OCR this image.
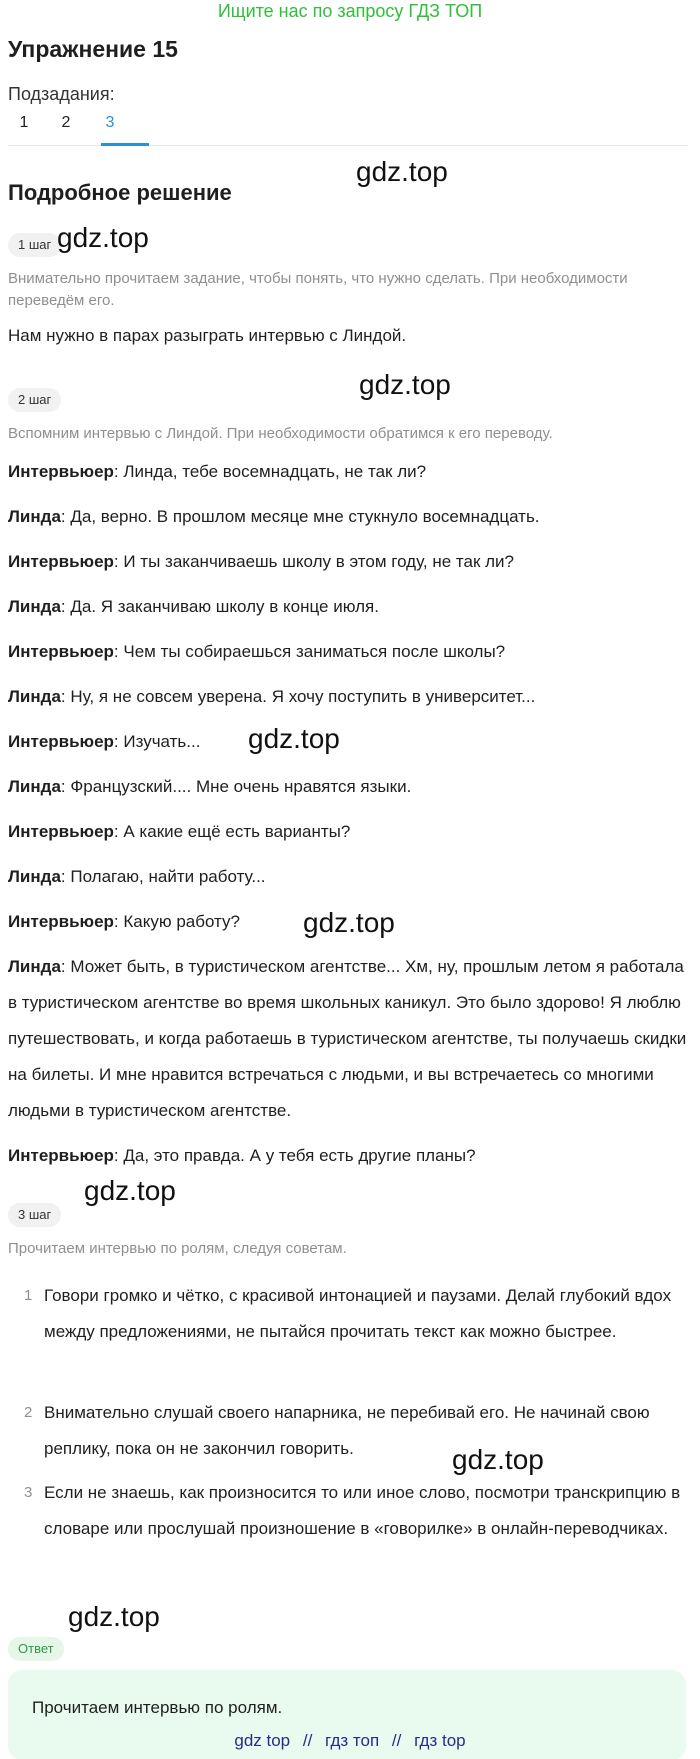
Ищите нас по запросу ГДЗ ТОП
Упражнение 15
Подзадания:
1	2	3
Подробное решение
1 шаг
Внимательно прочитаем задание, чтобы понять, что нужно сделать. При необходимости переведём его.
Нам нужно в парах разыграть интервью с Линдой.
2 шаг
Вспомним интервью с Линдой. При необходимости обратимся к его переводу.
Интервьюер: Линда, тебе восемнадцать, не так ли?
Линда: Да, верно. В прошлом месяце мне стукнуло восемнадцать.
Интервьюер: И ты заканчиваешь школу в этом году, не так ли?
Линда: Да. Я заканчиваю школу в конце июля.
Интервьюер: Чем ты собираешься заниматься после школы?
Линда: Ну, я не совсем уверена. Я хочу поступить в университет...
Интервьюер: Изучать...
Линда: Французский.... Мне очень нравятся языки.
Интервьюер: А какие ещё есть варианты?
Линда: Полагаю, найти работу...
Интервьюер: Какую работу?
Линда: Может быть, в туристическом агентстве... Хм, ну, прошлым летом я работала в туристическом агентстве во время школьных каникул. Это было здорово! Я люблю путешествовать, и когда работаешь в туристическом агентстве, ты получаешь скидки на билеты. И мне нравится встречаться с людьми, и вы встречаетесь со многими людьми в туристическом агентстве.
Интервьюер: Да, это правда. А у тебя есть другие планы?
3 шаг
Прочитаем интервью по ролям, следуя советам.
1 Говори громко и чётко, с красивой интонацией и паузами. Делай глубокий вдох между предложениями, не пытайся прочитать текст как можно быстрее.
2 Внимательно слушай своего напарника, не перебивай его. Не начинай свою реплику, пока он не закончил говорить.
3 Если не знаешь, как произносится то или иное слово, посмотри транскрипцию в словаре или прослушай произношение в «говорилке» в онлайн-переводчиках.
Ответ
Прочитаем интервью по ролям.
gdz.top
gdz.top
gdz.top
gdz.top
gdz.top
gdz.top
gdz.top
gdz.top
gdz top // гдз топ // гдз top
